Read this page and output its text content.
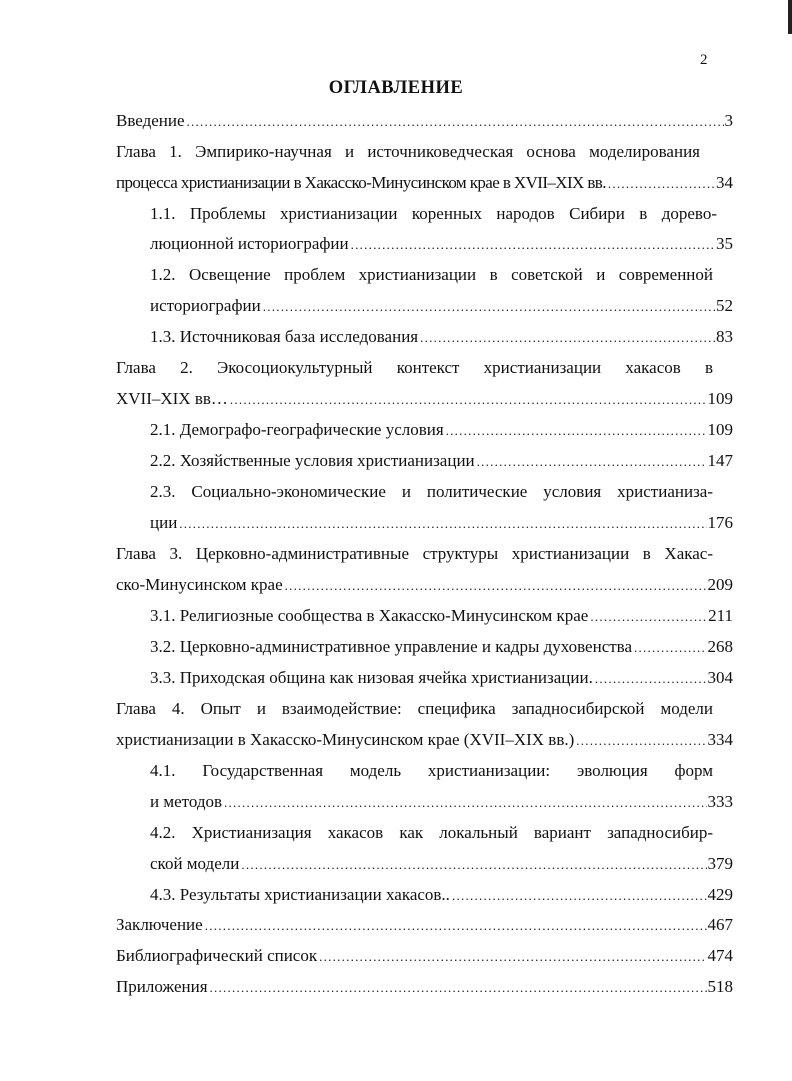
2
ОГЛАВЛЕНИЕ
Введение . . .	3
Глава 1. Эмпирико-научная и источниковедческая основа моделирования
процесса христианизации в Хакасско-Минусинском крае в XVII–XIX вв. . . .	34
1.1. Проблемы христианизации коренных народов Сибири в дорево-
люционной историографии . . .	35
1.2. Освещение проблем христианизации в советской и современной
историографии . . .	52
1.3. Источниковая база исследования . . .	83
Глава 2. Экосоциокультурный контекст христианизации хакасов в
XVII–XIX вв… . . .	109
2.1. Демографо-географические условия . . .	109
2.2. Хозяйственные условия христианизации . . .	147
2.3. Социально-экономические и политические условия христианиза-
ции . . .	176
Глава 3. Церковно-административные структуры христианизации в Хакас-
ско-Минусинском крае . . .	209
3.1. Религиозные сообщества в Хакасско-Минусинском крае . . .	211
3.2. Церковно-административное управление и кадры духовенства . . .	268
3.3. Приходская община как низовая ячейка христианизации. . . .	304
Глава 4. Опыт и взаимодействие: специфика западносибирской модели
христианизации в Хакасско-Минусинском крае (XVII–XIX вв.) . . .	334
4.1. Государственная модель христианизации: эволюция форм
и методов . . .	333
4.2. Христианизация хакасов как локальный вариант западносибир-
ской модели . . .	379
4.3. Результаты христианизации хакасов.. . . .	429
Заключение . . .	467
Библиографический список . . .	474
Приложения . . .	518
